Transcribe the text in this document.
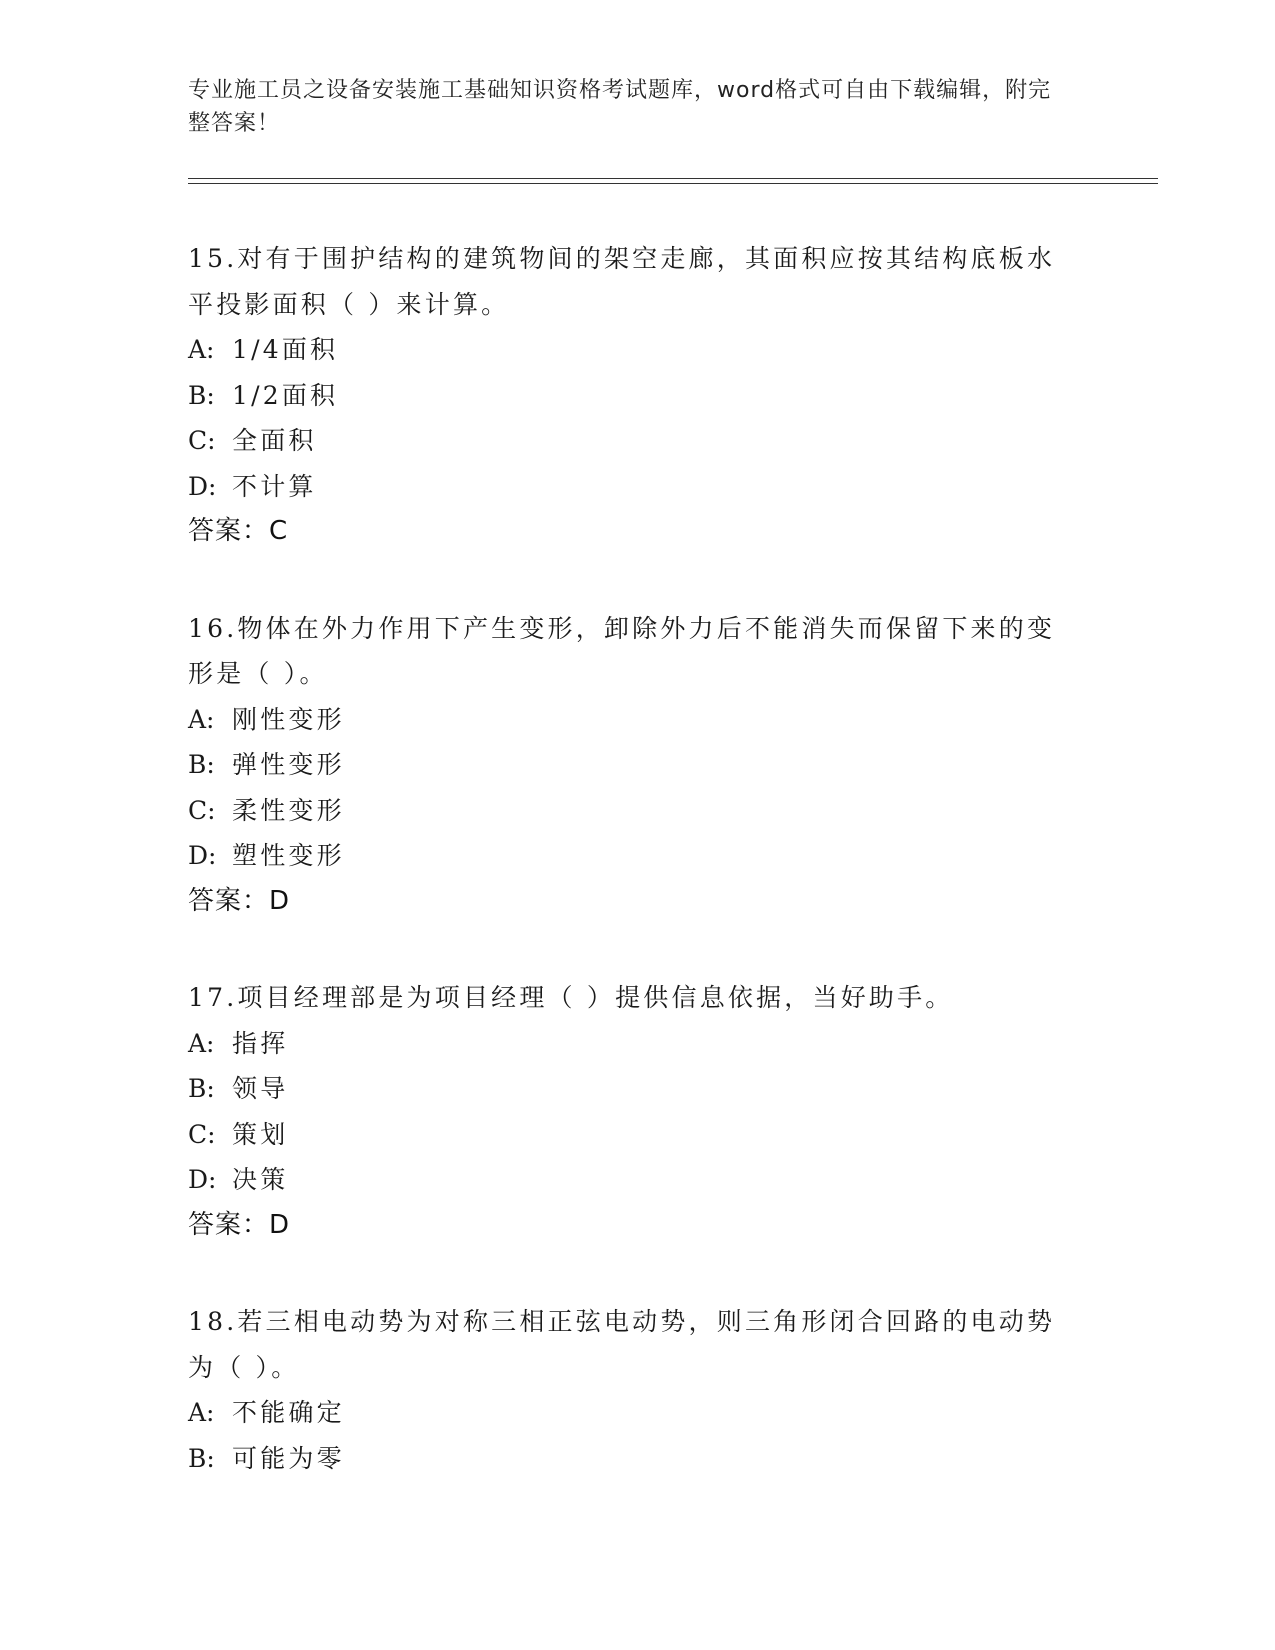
专业施工员之设备安装施工基础知识资格考试题库，word格式可自由下载编辑，附完整答案！

15.对有于围护结构的建筑物间的架空走廊，其面积应按其结构底板水平投影面积（ ）来计算。

A: 1/4面积

B: 1/2面积

C: 全面积

D: 不计算

答案：C

16.物体在外力作用下产生变形，卸除外力后不能消失而保留下来的变形是（ ）。

A: 刚性变形

B: 弹性变形

C: 柔性变形

D: 塑性变形

答案：D

17.项目经理部是为项目经理（ ）提供信息依据，当好助手。

A: 指挥

B: 领导

C: 策划

D: 决策

答案：D

18.若三相电动势为对称三相正弦电动势，则三角形闭合回路的电动势为（ ）。

A: 不能确定

B: 可能为零
